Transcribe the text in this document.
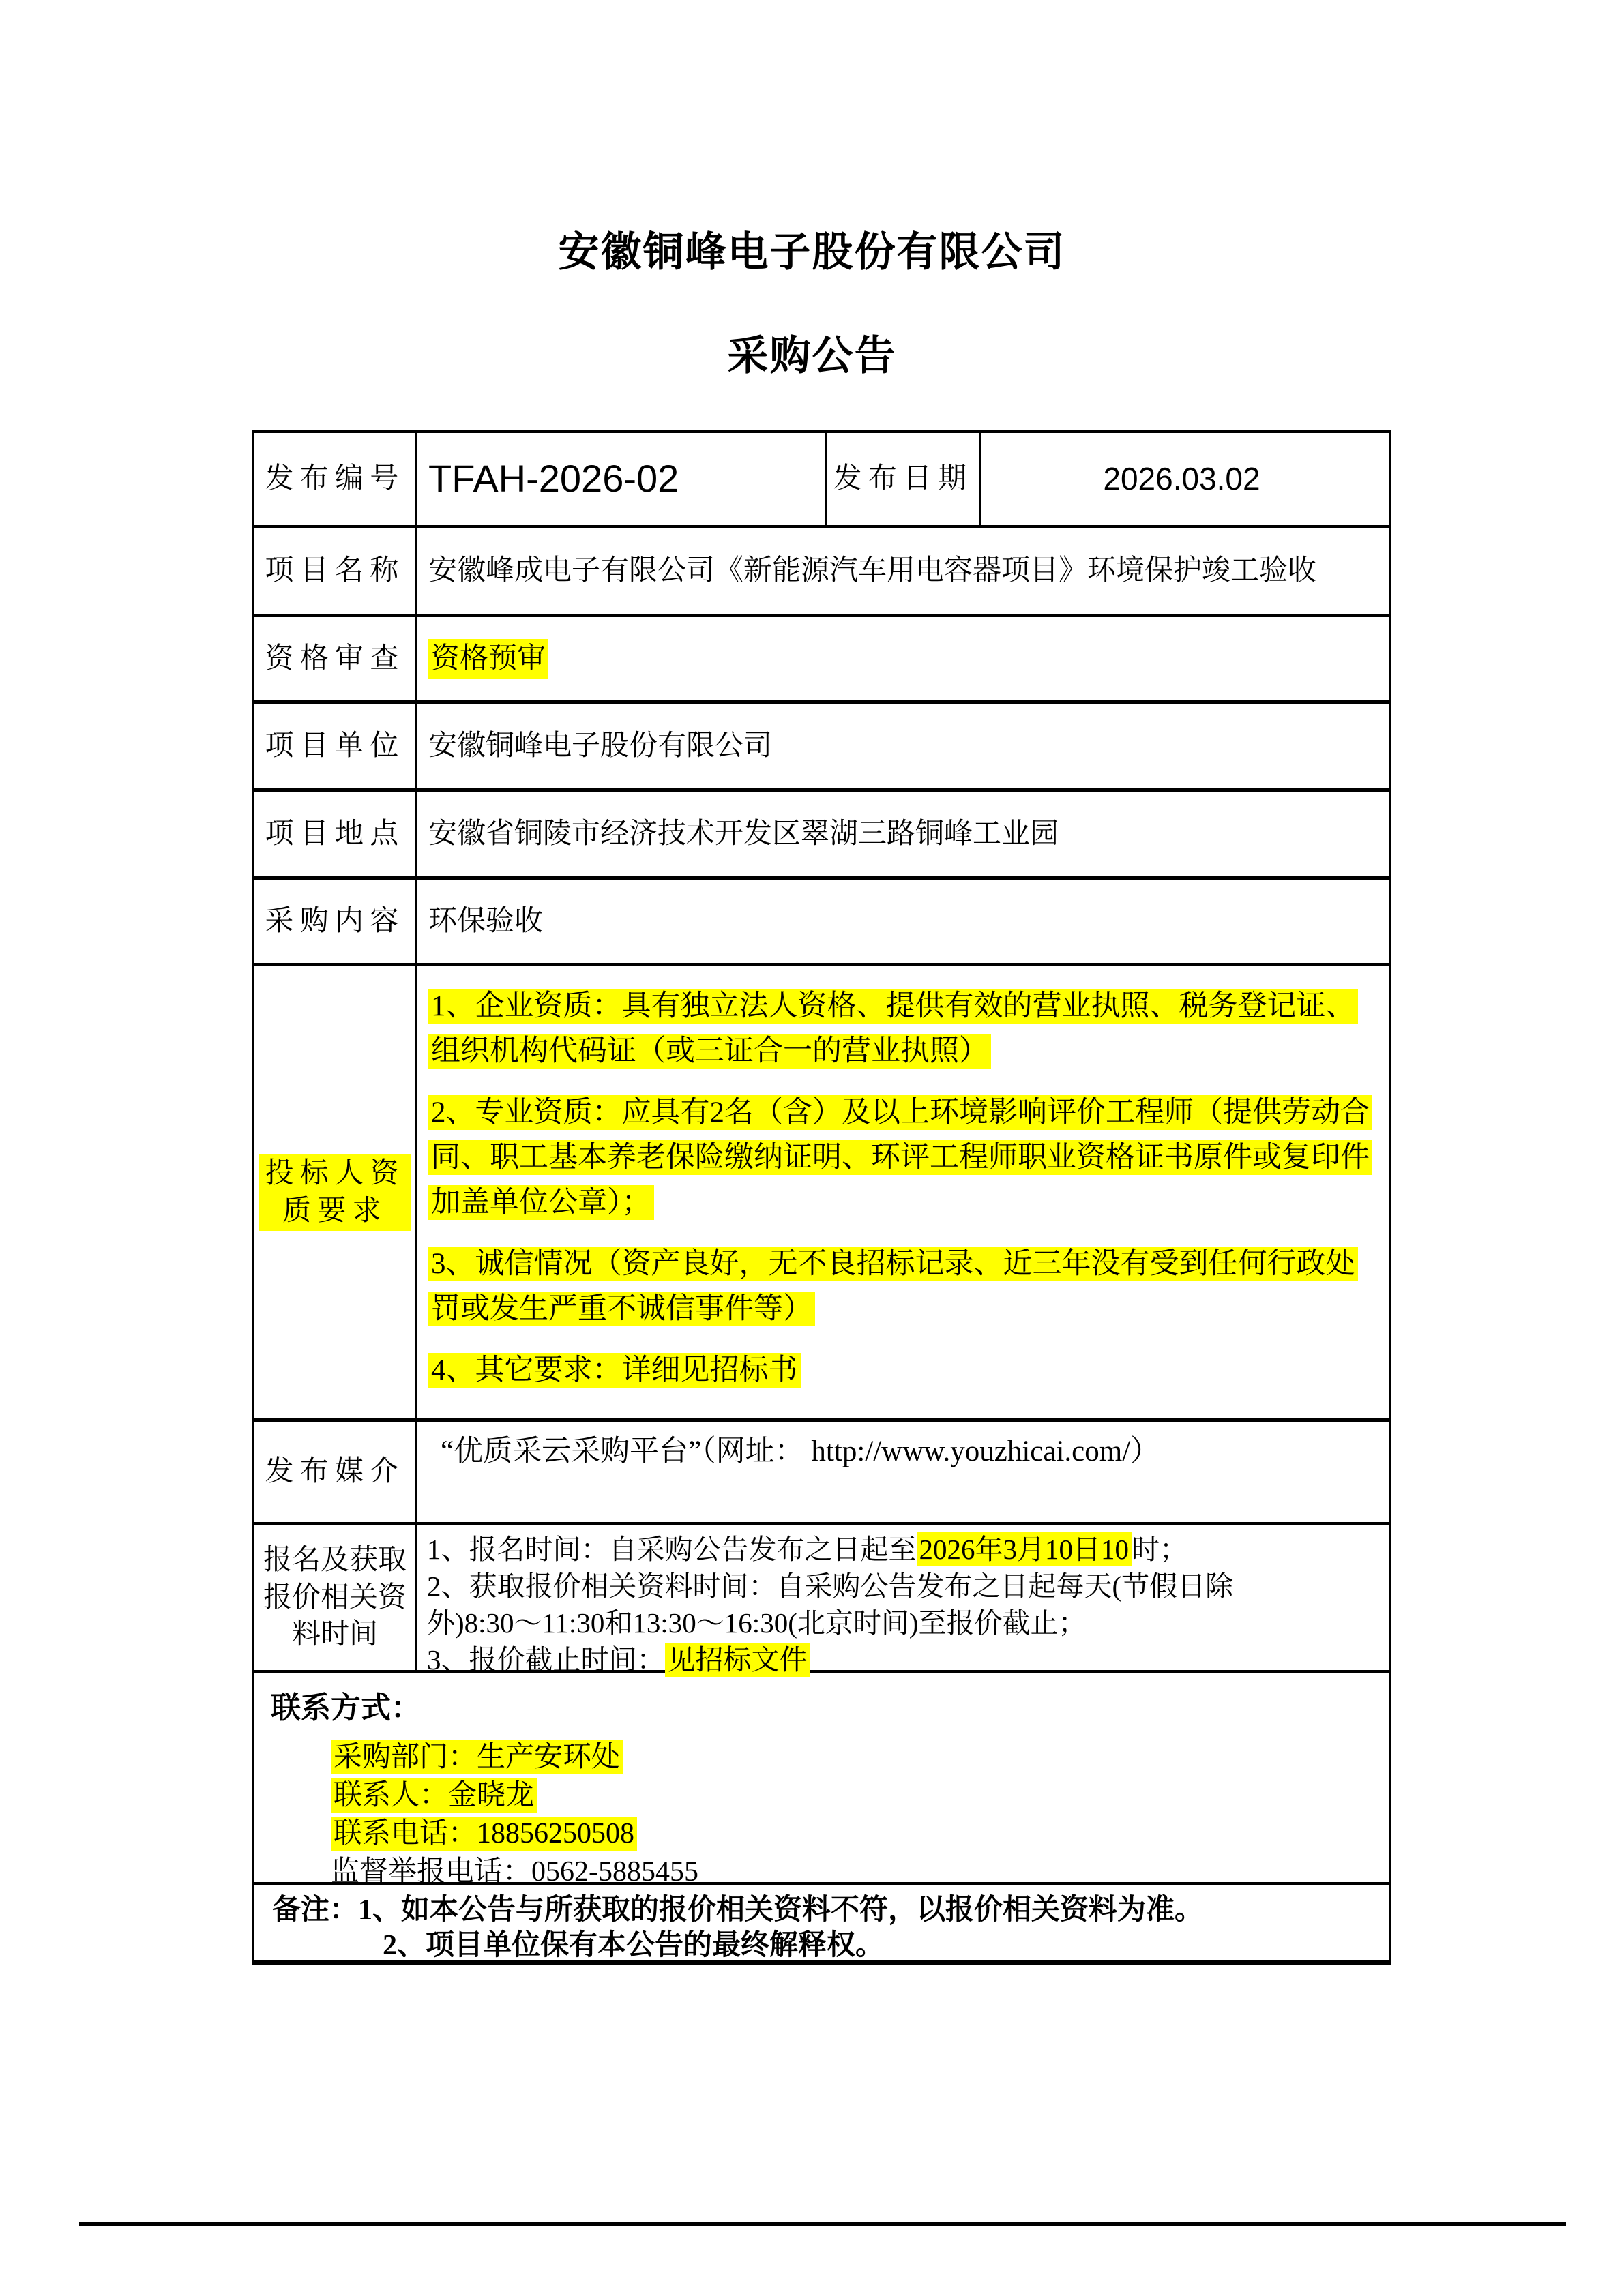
安徽铜峰电子股份有限公司
采购公告
发布编号 TFAH-2026-02	发布日期	2026.03.02
项目名称 安徽峰成电子有限公司《新能源汽车用电容器项目》环境保护竣工验收
资格审查 资格预审
项目单位 安徽铜峰电子股份有限公司
项目地点 安徽省铜陵市经济技术开发区翠湖三路铜峰工业园
采购内容 环保验收
投标人资质要求
1、企业资质：具有独立法人资格、提供有效的营业执照、税务登记证、
组织机构代码证（或三证合一的营业执照）
2、专业资质：应具有2名（含）及以上环境影响评价工程师（提供劳动合
同、职工基本养老保险缴纳证明、环评工程师职业资格证书原件或复印件
加盖单位公章）；
3、诚信情况（资产良好，无不良招标记录、近三年没有受到任何行政处
罚或发生严重不诚信事件等）
4、其它要求：详细见招标书
发布媒介
“优质采云采购平台”（网址： http://www.youzhicai.com/）
报名及获取报价相关资料时间
1、报名时间：自采购公告发布之日起至2026年3月10日10时；
2、获取报价相关资料时间：自采购公告发布之日起每天(节假日除
外)8:30～11:30和13:30～16:30(北京时间)至报价截止；
3、报价截止时间：见招标文件
联系方式：
采购部门：生产安环处
联系人：金晓龙
联系电话：18856250508
监督举报电话：0562-5885455
备注：1、如本公告与所获取的报价相关资料不符，以报价相关资料为准。
2、项目单位保有本公告的最终解释权。
